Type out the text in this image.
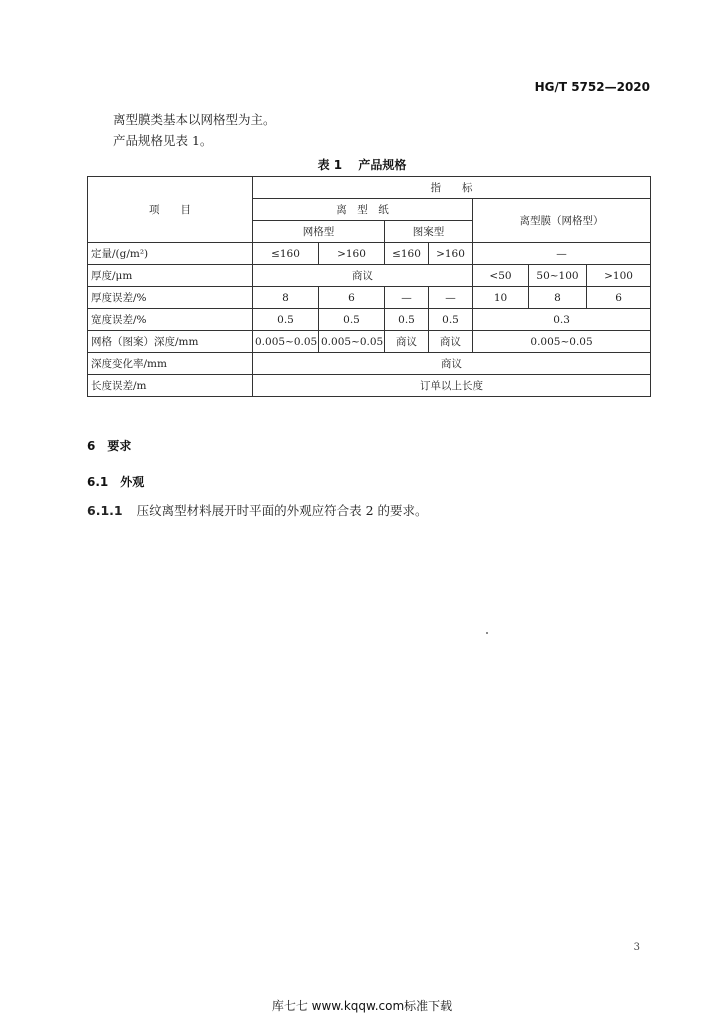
HG/T 5752—2020
离型膜类基本以网格型为主。
产品规格见表 1。
表 1 产品规格
项　　目	指　　标						
	离　型　纸				离型膜（网格型）		
	网格型		图案型				
定量/(g/m²)	≤160	>160	≤160	>160	—		
厚度/μm	商议				<50	50~100	>100
厚度误差/%	8	6	—	—	10	8	6
宽度误差/%	0.5	0.5	0.5	0.5	0.3		
网格（图案）深度/mm	0.005~0.05	0.005~0.05	商议	商议	0.005~0.05		
深度变化率/mm	商议						
长度误差/m	订单以上长度						
6　要求
6.1　外观
6.1.1 压纹离型材料展开时平面的外观应符合表 2 的要求。
3
库七七 www.kqqw.com标准下载
